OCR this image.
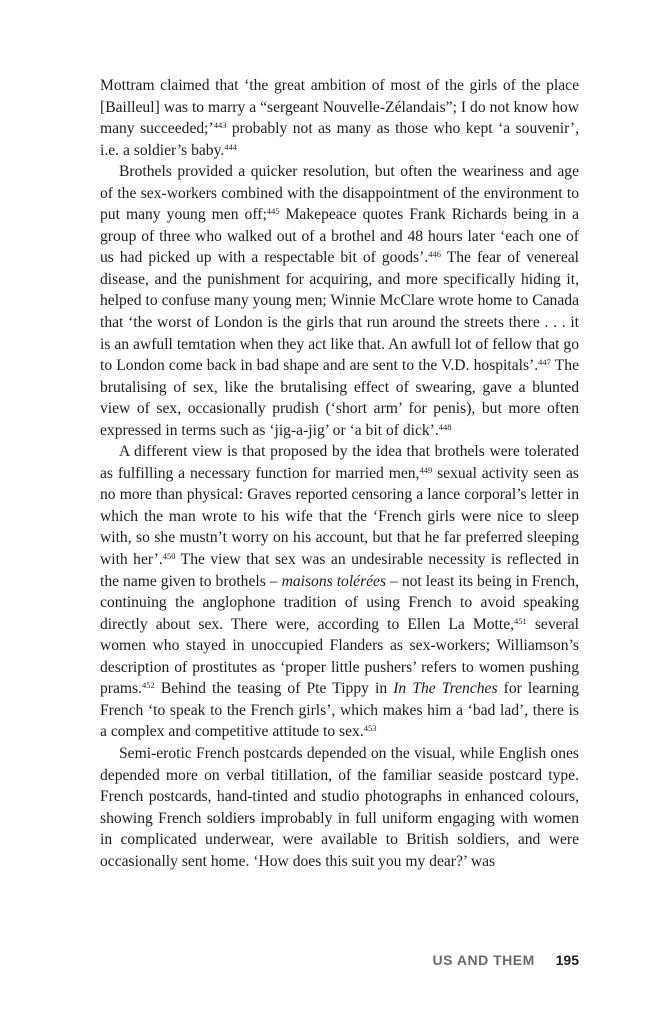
Mottram claimed that ‘the great ambition of most of the girls of the place [Bailleul] was to marry a “sergeant Nouvelle-Zélandais”; I do not know how many succeeded;’$^{443}$ probably not as many as those who kept ‘a souvenir’, i.e. a soldier’s baby.$^{444}$

Brothels provided a quicker resolution, but often the weariness and age of the sex-workers combined with the disappointment of the environment to put many young men off;$^{445}$ Makepeace quotes Frank Richards being in a group of three who walked out of a brothel and 48 hours later ‘each one of us had picked up with a respectable bit of goods’.$^{446}$ The fear of venereal disease, and the punishment for acquiring, and more specifically hiding it, helped to confuse many young men; Winnie McClare wrote home to Canada that ‘the worst of London is the girls that run around the streets there . . . it is an awfull temtation when they act like that. An awfull lot of fellow that go to London come back in bad shape and are sent to the V.D. hospitals’.$^{447}$ The brutalising of sex, like the brutalising effect of swearing, gave a blunted view of sex, occasionally prudish (‘short arm’ for penis), but more often expressed in terms such as ‘jig-a-jig’ or ‘a bit of dick’.$^{448}$

A different view is that proposed by the idea that brothels were tolerated as fulfilling a necessary function for married men,$^{449}$ sexual activity seen as no more than physical: Graves reported censoring a lance corporal’s letter in which the man wrote to his wife that the ‘French girls were nice to sleep with, so she mustn’t worry on his account, but that he far preferred sleeping with her’.$^{450}$ The view that sex was an undesirable necessity is reflected in the name given to brothels – maisons tolérées – not least its being in French, continuing the anglophone tradition of using French to avoid speaking directly about sex. There were, according to Ellen La Motte,$^{451}$ several women who stayed in unoccupied Flanders as sex-workers; Williamson’s description of prostitutes as ‘proper little pushers’ refers to women pushing prams.$^{452}$ Behind the teasing of Pte Tippy in In The Trenches for learning French ‘to speak to the French girls’, which makes him a ‘bad lad’, there is a complex and competitive attitude to sex.$^{453}$

Semi-erotic French postcards depended on the visual, while English ones depended more on verbal titillation, of the familiar seaside postcard type. French postcards, hand-tinted and studio photographs in enhanced colours, showing French soldiers improbably in full uniform engaging with women in complicated underwear, were available to British soldiers, and were occasionally sent home. ‘How does this suit you my dear?’ was

US AND THEM 195
